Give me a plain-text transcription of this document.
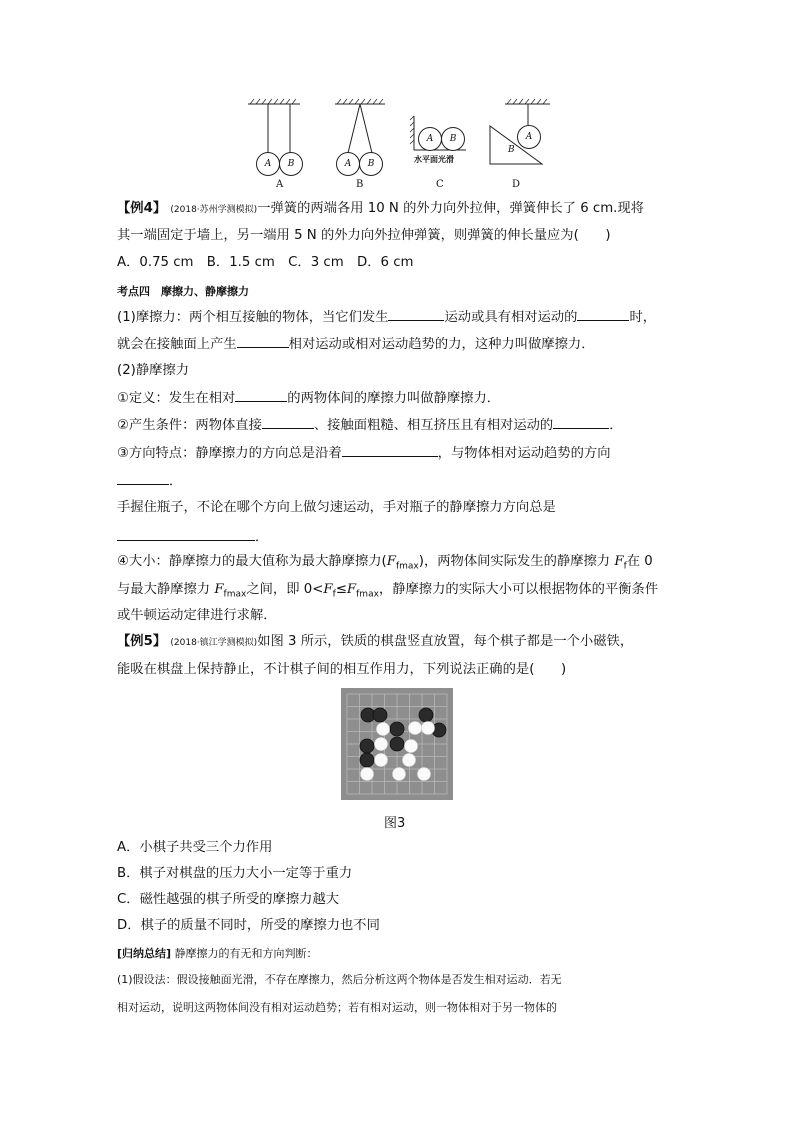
A	B	A	B
A	B
水平面光滑
A
B
A	B	C	D
【例4】 (2018·苏州学测模拟)一弹簧的两端各用 10 N 的外力向外拉伸，弹簧伸长了 6 cm.现将
其一端固定于墙上，另一端用 5 N 的外力向外拉伸弹簧，则弹簧的伸长量应为(　　)
A．0.75 cm　B．1.5 cm　C．3 cm　D．6 cm
考点四　摩擦力、静摩擦力
(1)摩擦力：两个相互接触的物体，当它们发生	运动或具有相对运动的	时，
就会在接触面上产生	相对运动或相对运动趋势的力，这种力叫做摩擦力．
(2)静摩擦力
①定义：发生在相对	的两物体间的摩擦力叫做静摩擦力．
②产生条件：两物体直接	、接触面粗糙、相互挤压且有相对运动的	．
③方向特点：静摩擦力的方向总是沿着	，与物体相对运动趋势的方向
．
手握住瓶子，不论在哪个方向上做匀速运动，手对瓶子的静摩擦力方向总是
．
④大小：静摩擦力的最大值称为最大静摩擦力$(F_{fmax})$，两物体间实际发生的静摩擦力 $F_f$在 0
与最大静摩擦力 $F_{fmax}$之间，即 $0<F_f\le F_{fmax}$，静摩擦力的实际大小可以根据物体的平衡条件
或牛顿运动定律进行求解．
【例5】 (2018·镇江学测模拟)如图 3 所示，铁质的棋盘竖直放置，每个棋子都是一个小磁铁，
能吸在棋盘上保持静止，不计棋子间的相互作用力，下列说法正确的是(　　)
图3
A．小棋子共受三个力作用
B．棋子对棋盘的压力大小一定等于重力
C．磁性越强的棋子所受的摩擦力越大
D．棋子的质量不同时，所受的摩擦力也不同
[归纳总结] 静摩擦力的有无和方向判断：
(1)假设法：假设接触面光滑，不存在摩擦力，然后分析这两个物体是否发生相对运动．若无
相对运动，说明这两物体间没有相对运动趋势；若有相对运动，则一物体相对于另一物体的
